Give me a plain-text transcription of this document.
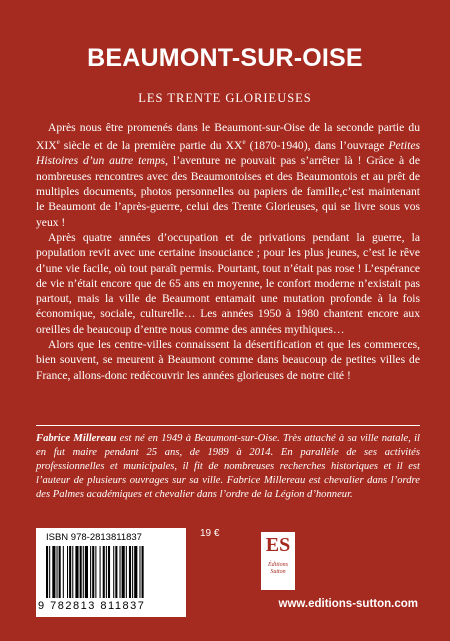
BEAUMONT-SUR-OISE
LES TRENTE GLORIEUSES

Après nous être promenés dans le Beaumont-sur-Oise de la seconde partie du XIXe siècle et de la première partie du XXe (1870-1940), dans l’ouvrage Petites Histoires d’un autre temps, l’aventure ne pouvait pas s’arrêter là ! Grâce à de nombreuses rencontres avec des Beaumontoises et des Beaumontois et au prêt de multiples documents, photos personnelles ou papiers de famille,c’est maintenant le Beaumont de l’après-guerre, celui des Trente Glorieuses, qui se livre sous vos yeux !

Après quatre années d’occupation et de privations pendant la guerre, la population revit avec une certaine insouciance ; pour les plus jeunes, c’est le rêve d’une vie facile, où tout paraît permis. Pourtant, tout n’était pas rose ! L’espérance de vie n’était encore que de 65 ans en moyenne, le confort moderne n’existait pas partout, mais la ville de Beaumont entamait une mutation profonde à la fois économique, sociale, culturelle… Les années 1950 à 1980 chantent encore aux oreilles de beaucoup d’entre nous comme des années mythiques…

Alors que les centre-villes connaissent la désertification et que les commerces, bien souvent, se meurent à Beaumont comme dans beaucoup de petites villes de France, allons-donc redécouvrir les années glorieuses de notre cité !

Fabrice Millereau est né en 1949 à Beaumont-sur-Oise. Très attaché à sa ville natale, il en fut maire pendant 25 ans, de 1989 à 2014. En parallèle de ses activités professionnelles et municipales, il fit de nombreuses recherches historiques et il est l’auteur de plusieurs ouvrages sur sa ville. Fabrice Millereau est chevalier dans l’ordre des Palmes académiques et chevalier dans l’ordre de la Légion d’honneur.
ISBN 978-2813811837
9 782813 811837
19 €
ES
Éditions
Sutton
www.editions-sutton.com
